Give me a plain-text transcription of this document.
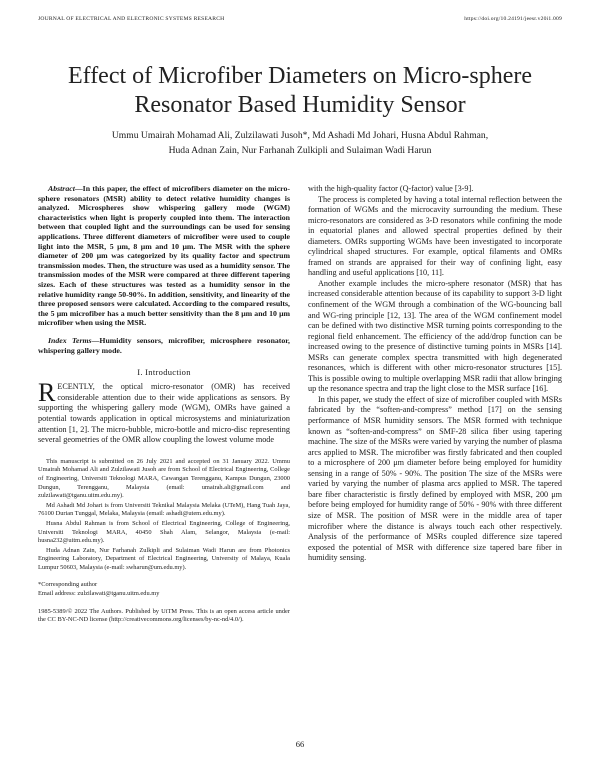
JOURNAL OF ELECTRICAL AND ELECTRONIC SYSTEMS RESEARCH	https://doi.org/10.24191/jeesr.v20i1.009
Effect of Microfiber Diameters on Micro-sphere Resonator Based Humidity Sensor
Ummu Umairah Mohamad Ali, Zulzilawati Jusoh*, Md Ashadi Md Johari, Husna Abdul Rahman,
Huda Adnan Zain, Nur Farhanah Zulkipli and Sulaiman Wadi Harun

Abstract—In this paper, the effect of microfibers diameter on the micro-sphere resonators (MSR) ability to detect relative humidity changes is analyzed. Microspheres show whispering gallery mode (WGM) characteristics when light is properly coupled into them. The interaction between that coupled light and the surroundings can be used for sensing applications. Three different diameters of microfiber were used to couple light into the MSR, 5 μm, 8 μm and 10 μm. The MSR with the sphere diameter of 200 μm was categorized by its quality factor and spectrum transmission modes. Then, the structure was used as a humidity sensor. The transmission modes of the MSR were compared at three different tapering sizes. Each of these structures was tested as a humidity sensor in the relative humidity range 50-90%. In addition, sensitivity, and linearity of the three proposed sensors were calculated. According to the compared results, the 5 μm microfiber has a much better sensitivity than the 8 μm and 10 μm microfiber when using the MSR.

Index Terms—Humidity sensors, microfiber, microsphere resonator, whispering gallery mode.

I. Introduction

RECENTLY, the optical micro-resonator (OMR) has received considerable attention due to their wide applications as sensors. By supporting the whispering gallery mode (WGM), OMRs have gained a potential towards application in optical microsystems and miniaturization attention [1, 2]. The micro-bubble, micro-bottle and micro-disc representing several geometries of the OMR allow coupling the lowest volume mode

This manuscript is submitted on 26 July 2021 and accepted on 31 January 2022. Ummu Umairah Mohamad Ali and Zulzilawati Jusoh are from School of Electrical Engineering, College of Engineering, Universiti Teknologi MARA, Cawangan Terengganu, Kampus Dungun, 23000 Dungun, Terengganu, Malaysia (email: umairah.ali@gmail.com and zulzilawati@tganu.uitm.edu.my).

Md Ashadi Md Johari is from Universiti Teknikal Malaysia Melaka (UTeM), Hang Tuah Jaya, 76100 Durian Tunggal, Melaka, Malaysia (email: ashadi@utem.edu.my).

Husna Abdul Rahman is from School of Electrical Engineering, College of Engineering, Universiti Teknologi MARA, 40450 Shah Alam, Selangor, Malaysia (e-mail: husna232@uitm.edu.my).

Huda Adnan Zain, Nur Farhanah Zulkipli and Sulaiman Wadi Harun are from Photonics Engineering Laboratory, Department of Electrical Engineering, University of Malaya, Kuala Lumpur 50603, Malaysia (e-mail: swharun@um.edu.my).

*Corresponding author

Email address: zulzilawati@tganu.uitm.edu.my

1985-5389/© 2022 The Authors. Published by UiTM Press. This is an open access article under the CC BY-NC-ND license (http://creativecommons.org/licenses/by-nc-nd/4.0/).

with the high-quality factor (Q-factor) value [3-9].

The process is completed by having a total internal reflection between the formation of WGMs and the microcavity surrounding the medium. These micro-resonators are considered as 3-D resonators while confining the mode in equatorial planes and allowed spectral properties defined by their diameters. OMRs supporting WGMs have been investigated to incorporate cylindrical shaped structures. For example, optical filaments and OMRs framed on strands are appraised for their way of confining light, easy handling and useful applications [10, 11].

Another example includes the micro-sphere resonator (MSR) that has increased considerable attention because of its capability to support 3-D light confinement of the WGM through a combination of the WG-bouncing ball and WG-ring principle [12, 13]. The area of the WGM confinement model can be defined with two distinctive MSR turning points corresponding to the regional field enhancement. The efficiency of the add/drop function can be increased owing to the presence of distinctive turning points in MSRs [14]. MSRs can generate complex spectra transmitted with high degenerated resonances, which is different with other micro-resonator structures [15]. This is possible owing to multiple overlapping MSR radii that allow bringing up the resonance spectra and trap the light close to the MSR surface [16].

In this paper, we study the effect of size of microfiber coupled with MSRs fabricated by the “soften-and-compress” method [17] on the sensing performance of MSR humidity sensors. The MSR formed with technique known as “soften-and-compress” on SMF-28 silica fiber using tapering machine. The size of the MSRs were varied by varying the number of plasma arcs applied to MSR. The microfiber was firstly fabricated and then coupled to a microsphere of 200 μm diameter before being employed for humidity sensing in a range of 50% - 90%. The position The size of the MSRs were varied by varying the number of plasma arcs applied to MSR. The tapered bare fiber characteristic is firstly defined by employed with MSR, 200 μm before being employed for humidity range of 50% - 90% with three different size of MSR. The position of MSR were in the middle area of taper microfiber where the distance is always touch each other respectively. Analysis of the performance of MSRs coupled difference size tapered exposed the potential of MSR with difference size tapered bare fiber in humidity sensing.

66
